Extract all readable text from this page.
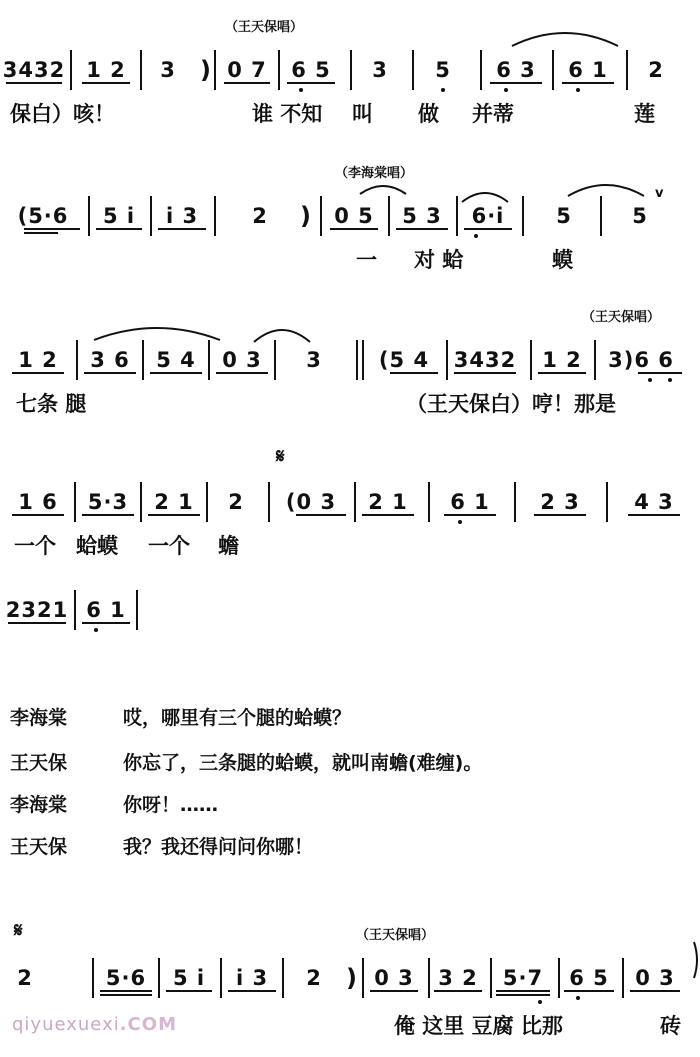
（王天保唱）
3432 1 2 3 ) 0 7 6 5 3 5 6 3 6 1 2
保白）咳！	谁 不知 叫 做 并蒂	莲
（李海棠唱）
v
(5·6 5 i i 3	2 ) 0 5 5 3 6·i 5	5
一 对 蛤	蟆
（王天保唱）
1 2 3 6 5 4 0 3 3	(5 4 3432 1 2 3)6 6
七条 腿	（王天保白）哼！那是
𝄋
1 6 5·3 2 1 2 (0 3 2 1 6 1 2 3	4 3
一个 蛤蟆 一个 蟾
2321 6 1
李海棠	哎，哪里有三个腿的蛤蟆？
王天保	你忘了，三条腿的蛤蟆，就叫南蟾(难缠)。
李海棠	你呀！……
王天保	我？我还得问问你哪！
𝄋	（王天保唱）
2	5·6 5 i i 3 2 ) 0 3 3 2 5·7 6 5 0 3
俺 这里 豆腐 比那	砖
qiyuexuexi.COM
